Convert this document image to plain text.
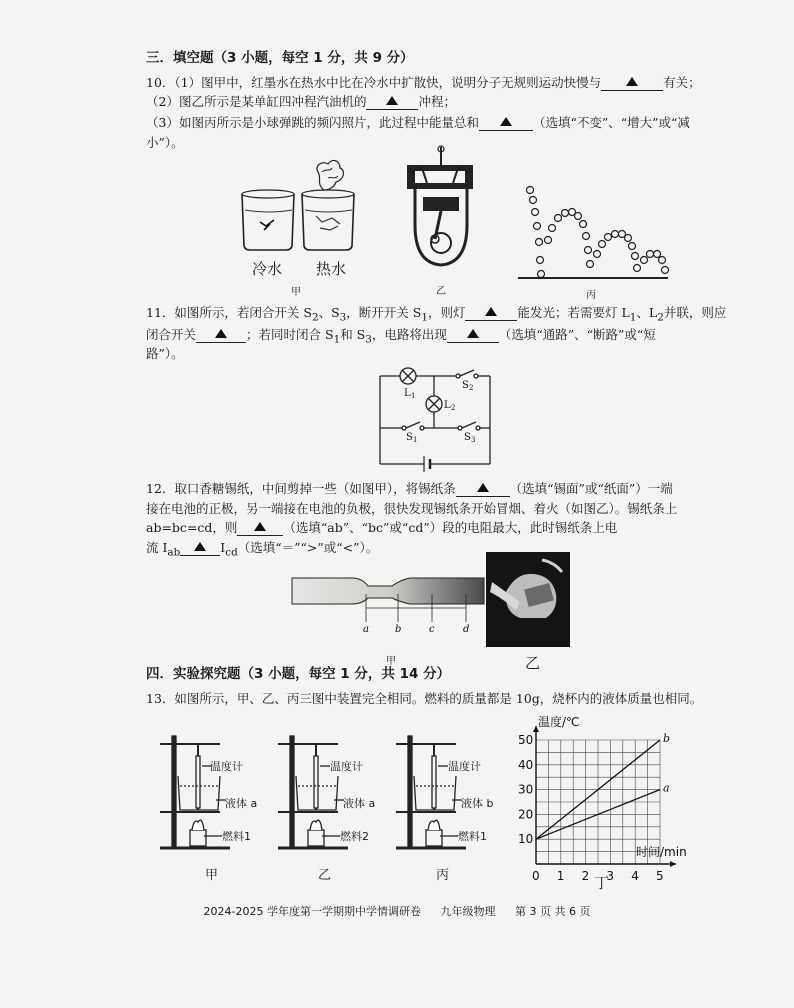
三．填空题（3 小题，每空 1 分，共 9 分）
10．（1）图甲中，红墨水在热水中比在冷水中扩散快，说明分子无规则运动快慢与	有关；
（2）图乙所示是某单缸四冲程汽油机的	冲程；
（3）如图丙所示是小球弹跳的频闪照片，此过程中能量总和	（选填“不变”、“增大”或“减
小”）。
冷水 热水
甲	乙	丙
11．如图所示，若闭合开关 $S_2$、$S_3$，断开开关 $S_1$，则灯	能发光；若需要灯 $L_1$、$L_2$并联，则应
闭合开关	；若同时闭合 $S_1$和 $S_3$，电路将出现	（选填“通路”、“断路”或“短
路”）。
L 1
L 2
S 2
S 1	S 3
12．取口香糖锡纸，中间剪掉一些（如图甲），将锡纸条	（选填“锡面”或“纸面”）一端
接在电池的正极，另一端接在电池的负极，很快发现锡纸条开始冒烟、着火（如图乙）。锡纸条上
ab=bc=cd，则	（选填“ab”、“bc”或“cd”）段的电阻最大，此时锡纸条上电
流 $I_{ab}$	$I_{cd}$（选填“＝”“>”或“<”）。
a	b	c	d
甲	乙
四．实验探究题（3 小题，每空 1 分，共 14 分）
13．如图所示，甲、乙、丙三图中装置完全相同。燃料的质量都是 10g，烧杯内的液体质量也相同。
温度计
液体 a
燃料1
甲
温度计
液体 a
燃料2
乙
温度计
液体 b
燃料1
丙
b
a
0 1 2 3 4 5
10
20
30
40
50
时间/min
温度/℃
丁
2024-2025 学年度第一学期期中学情调研卷 九年级物理 第 3 页 共 6 页
